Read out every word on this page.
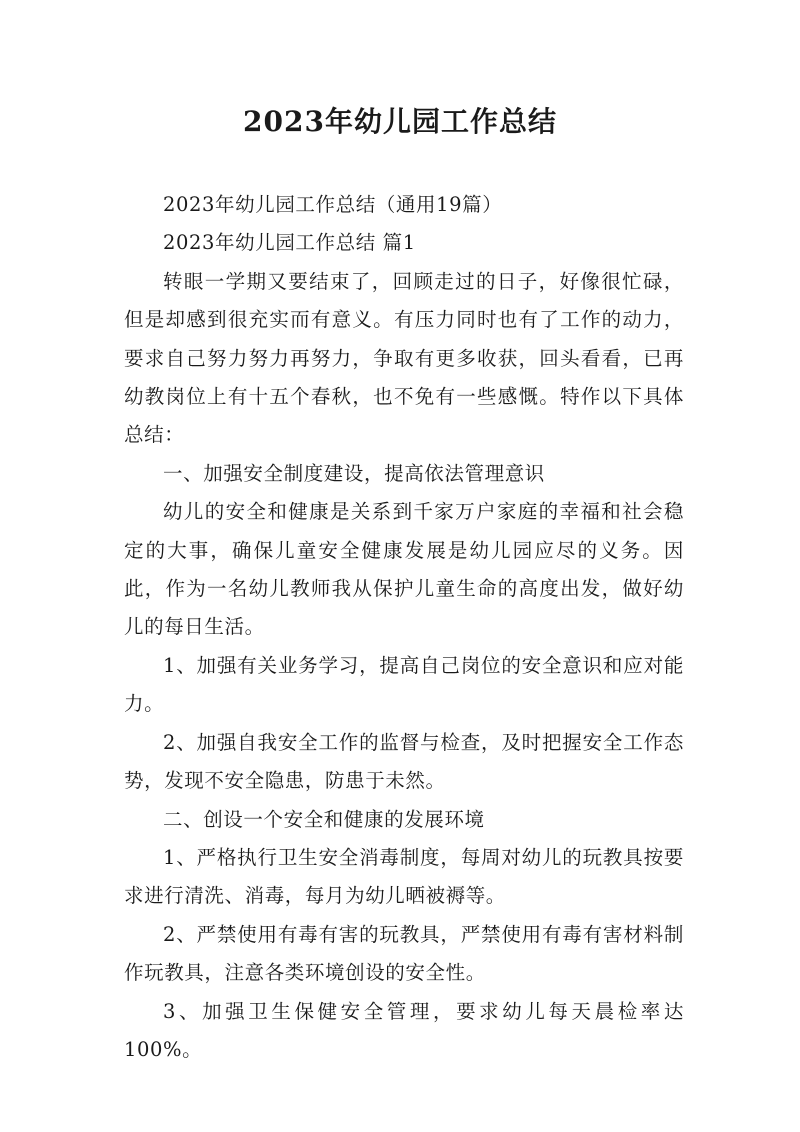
2023年幼儿园工作总结

2023年幼儿园工作总结（通用19篇）

2023年幼儿园工作总结 篇1

转眼一学期又要结束了，回顾走过的日子，好像很忙碌，但是却感到很充实而有意义。有压力同时也有了工作的动力，要求自己努力努力再努力，争取有更多收获，回头看看，已再幼教岗位上有十五个春秋，也不免有一些感慨。特作以下具体总结：

一、加强安全制度建设，提高依法管理意识

幼儿的安全和健康是关系到千家万户家庭的幸福和社会稳定的大事，确保儿童安全健康发展是幼儿园应尽的义务。因此，作为一名幼儿教师我从保护儿童生命的高度出发，做好幼儿的每日生活。

1、加强有关业务学习，提高自己岗位的安全意识和应对能力。

2、加强自我安全工作的监督与检查，及时把握安全工作态势，发现不安全隐患，防患于未然。

二、创设一个安全和健康的发展环境

1、严格执行卫生安全消毒制度，每周对幼儿的玩教具按要求进行清洗、消毒，每月为幼儿晒被褥等。

2、严禁使用有毒有害的玩教具，严禁使用有毒有害材料制作玩教具，注意各类环境创设的安全性。

3、加强卫生保健安全管理，要求幼儿每天晨检率达100%。
